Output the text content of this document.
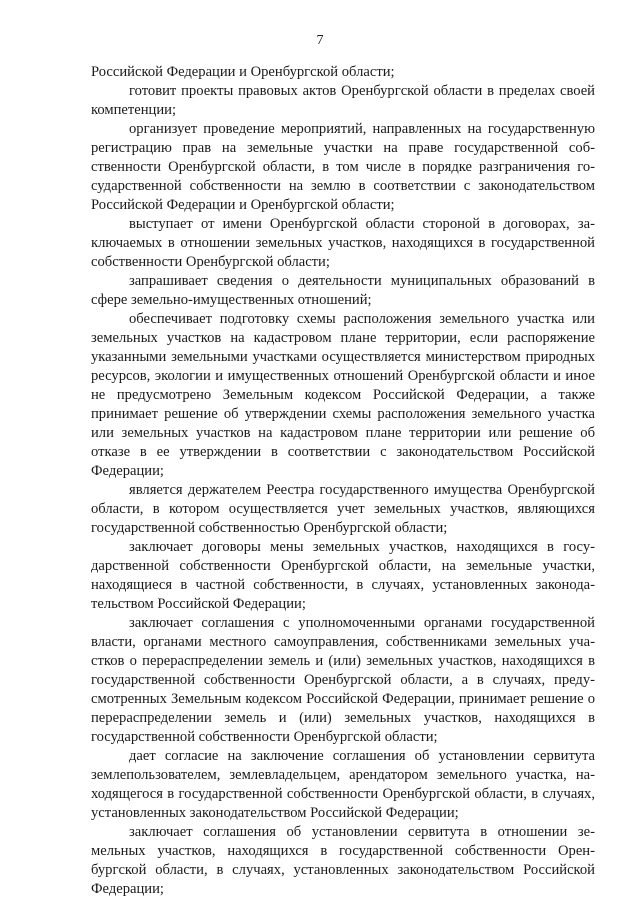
7

Российской Федерации и Оренбургской области;

готовит проекты правовых актов Оренбургской области в пределах своей компетенции;

организует проведение мероприятий, направленных на государственную регистрацию прав на земельные участки на праве государственной собственности Оренбургской области, в том числе в порядке разграничения государственной собственности на землю в соответствии с законодательством Российской Федерации и Оренбургской области;

выступает от имени Оренбургской области стороной в договорах, заключаемых в отношении земельных участков, находящихся в государственной собственности Оренбургской области;

запрашивает сведения о деятельности муниципальных образований в сфере земельно-имущественных отношений;

обеспечивает подготовку схемы расположения земельного участка или земельных участков на кадастровом плане территории, если распоряжение указанными земельными участками осуществляется министерством природных ресурсов, экологии и имущественных отношений Оренбургской области и иное не предусмотрено Земельным кодексом Российской Федерации, а также принимает решение об утверждении схемы расположения земельного участка или земельных участков на кадастровом плане территории или решение об отказе в ее утверждении в соответствии с законодательством Российской Федерации;

является держателем Реестра государственного имущества Оренбургской области, в котором осуществляется учет земельных участков, являющихся государственной собственностью Оренбургской области;

заключает договоры мены земельных участков, находящихся в государственной собственности Оренбургской области, на земельные участки, находящиеся в частной собственности, в случаях, установленных законодательством Российской Федерации;

заключает соглашения с уполномоченными органами государственной власти, органами местного самоуправления, собственниками земельных участков о перераспределении земель и (или) земельных участков, находящихся в государственной собственности Оренбургской области, а в случаях, предусмотренных Земельным кодексом Российской Федерации, принимает решение о перераспределении земель и (или) земельных участков, находящихся в государственной собственности Оренбургской области;

дает согласие на заключение соглашения об установлении сервитута землепользователем, землевладельцем, арендатором земельного участка, находящегося в государственной собственности Оренбургской области, в случаях, установленных законодательством Российской Федерации;

заключает соглашения об установлении сервитута в отношении земельных участков, находящихся в государственной собственности Оренбургской области, в случаях, установленных законодательством Российской Федерации;
